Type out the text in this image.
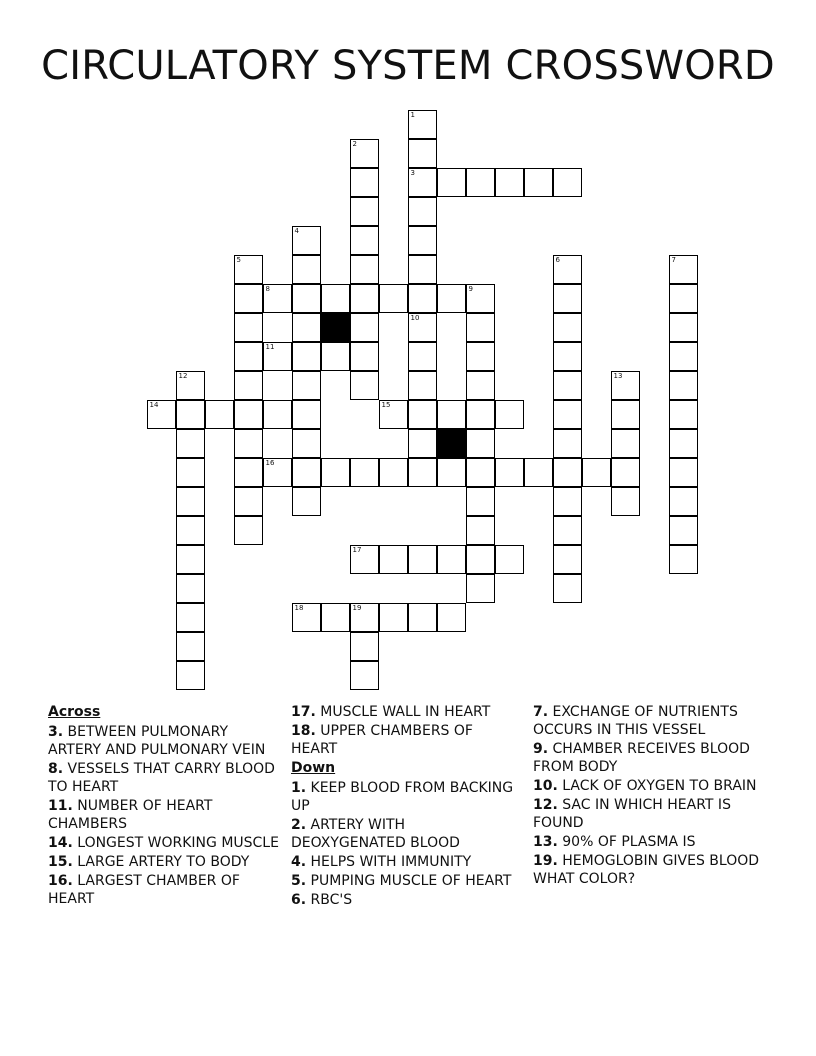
CIRCULATORY SYSTEM CROSSWORD
1
2
3
4
5	6	7
8	9
10
11
12	13
14	15
16
17
18	19
Across
3. BETWEEN PULMONARY ARTERY AND PULMONARY VEIN
8. VESSELS THAT CARRY BLOOD TO HEART
11. NUMBER OF HEART CHAMBERS
14. LONGEST WORKING MUSCLE
15. LARGE ARTERY TO BODY
16. LARGEST CHAMBER OF HEART
17. MUSCLE WALL IN HEART
18. UPPER CHAMBERS OF HEART
Down
1. KEEP BLOOD FROM BACKING UP
2. ARTERY WITH DEOXYGENATED BLOOD
4. HELPS WITH IMMUNITY
5. PUMPING MUSCLE OF HEART
6. RBC'S
7. EXCHANGE OF NUTRIENTS OCCURS IN THIS VESSEL
9. CHAMBER RECEIVES BLOOD FROM BODY
10. LACK OF OXYGEN TO BRAIN
12. SAC IN WHICH HEART IS FOUND
13. 90% OF PLASMA IS
19. HEMOGLOBIN GIVES BLOOD WHAT COLOR?
